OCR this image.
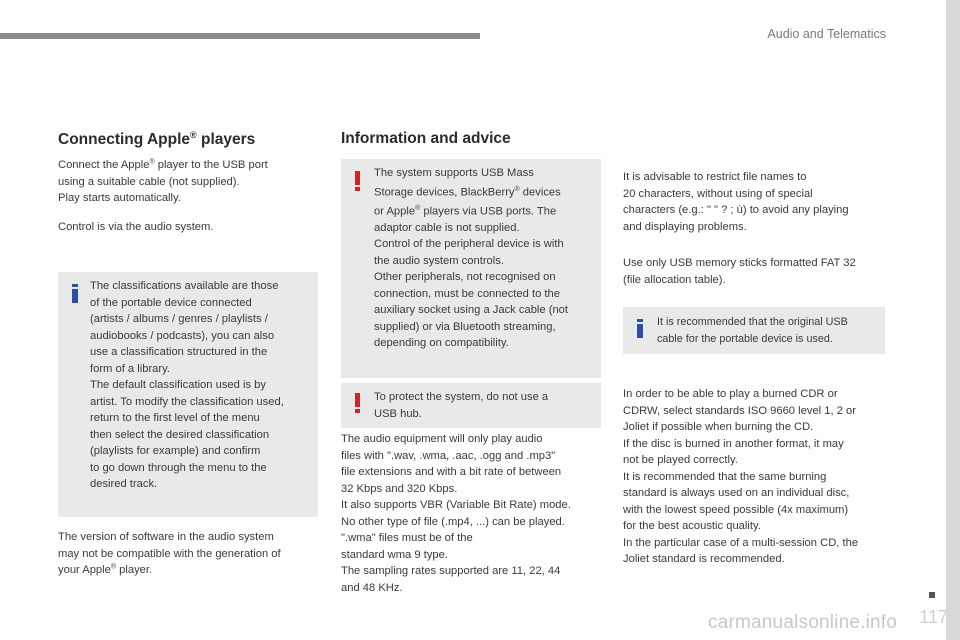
Audio and Telematics
117
Connecting Apple® players
Connect the Apple® player to the USB port
using a suitable cable (not supplied).
Play starts automatically.
Control is via the audio system.
The classifications available are those
of the portable device connected
(artists / albums / genres / playlists /
audiobooks / podcasts), you can also
use a classification structured in the
form of a library.
The default classification used is by
artist. To modify the classification used,
return to the first level of the menu
then select the desired classification
(playlists for example) and confirm
to go down through the menu to the
desired track.
The version of software in the audio system
may not be compatible with the generation of
your Apple® player.
Information and advice
The system supports USB Mass
Storage devices, BlackBerry® devices
or Apple® players via USB ports. The
adaptor cable is not supplied.
Control of the peripheral device is with
the audio system controls.
Other peripherals, not recognised on
connection, must be connected to the
auxiliary socket using a Jack cable (not
supplied) or via Bluetooth streaming,
depending on compatibility.
To protect the system, do not use a
USB hub.
The audio equipment will only play audio
files with ".wav, .wma, .aac, .ogg and .mp3"
file extensions and with a bit rate of between
32 Kbps and 320 Kbps.
It also supports VBR (Variable Bit Rate) mode.
No other type of file (.mp4, ...) can be played.
".wma" files must be of the
standard wma 9 type.
The sampling rates supported are 11, 22, 44
and 48 KHz.
It is advisable to restrict file names to
20 characters, without using of special
characters (e.g.: " " ? ; ù) to avoid any playing
and displaying problems.
Use only USB memory sticks formatted FAT 32
(file allocation table).
It is recommended that the original USB
cable for the portable device is used.
In order to be able to play a burned CDR or
CDRW, select standards ISO 9660 level 1, 2 or
Joliet if possible when burning the CD.
If the disc is burned in another format, it may
not be played correctly.
It is recommended that the same burning
standard is always used on an individual disc,
with the lowest speed possible (4x maximum)
for the best acoustic quality.
In the particular case of a multi-session CD, the
Joliet standard is recommended.
carmanualsonline.info
